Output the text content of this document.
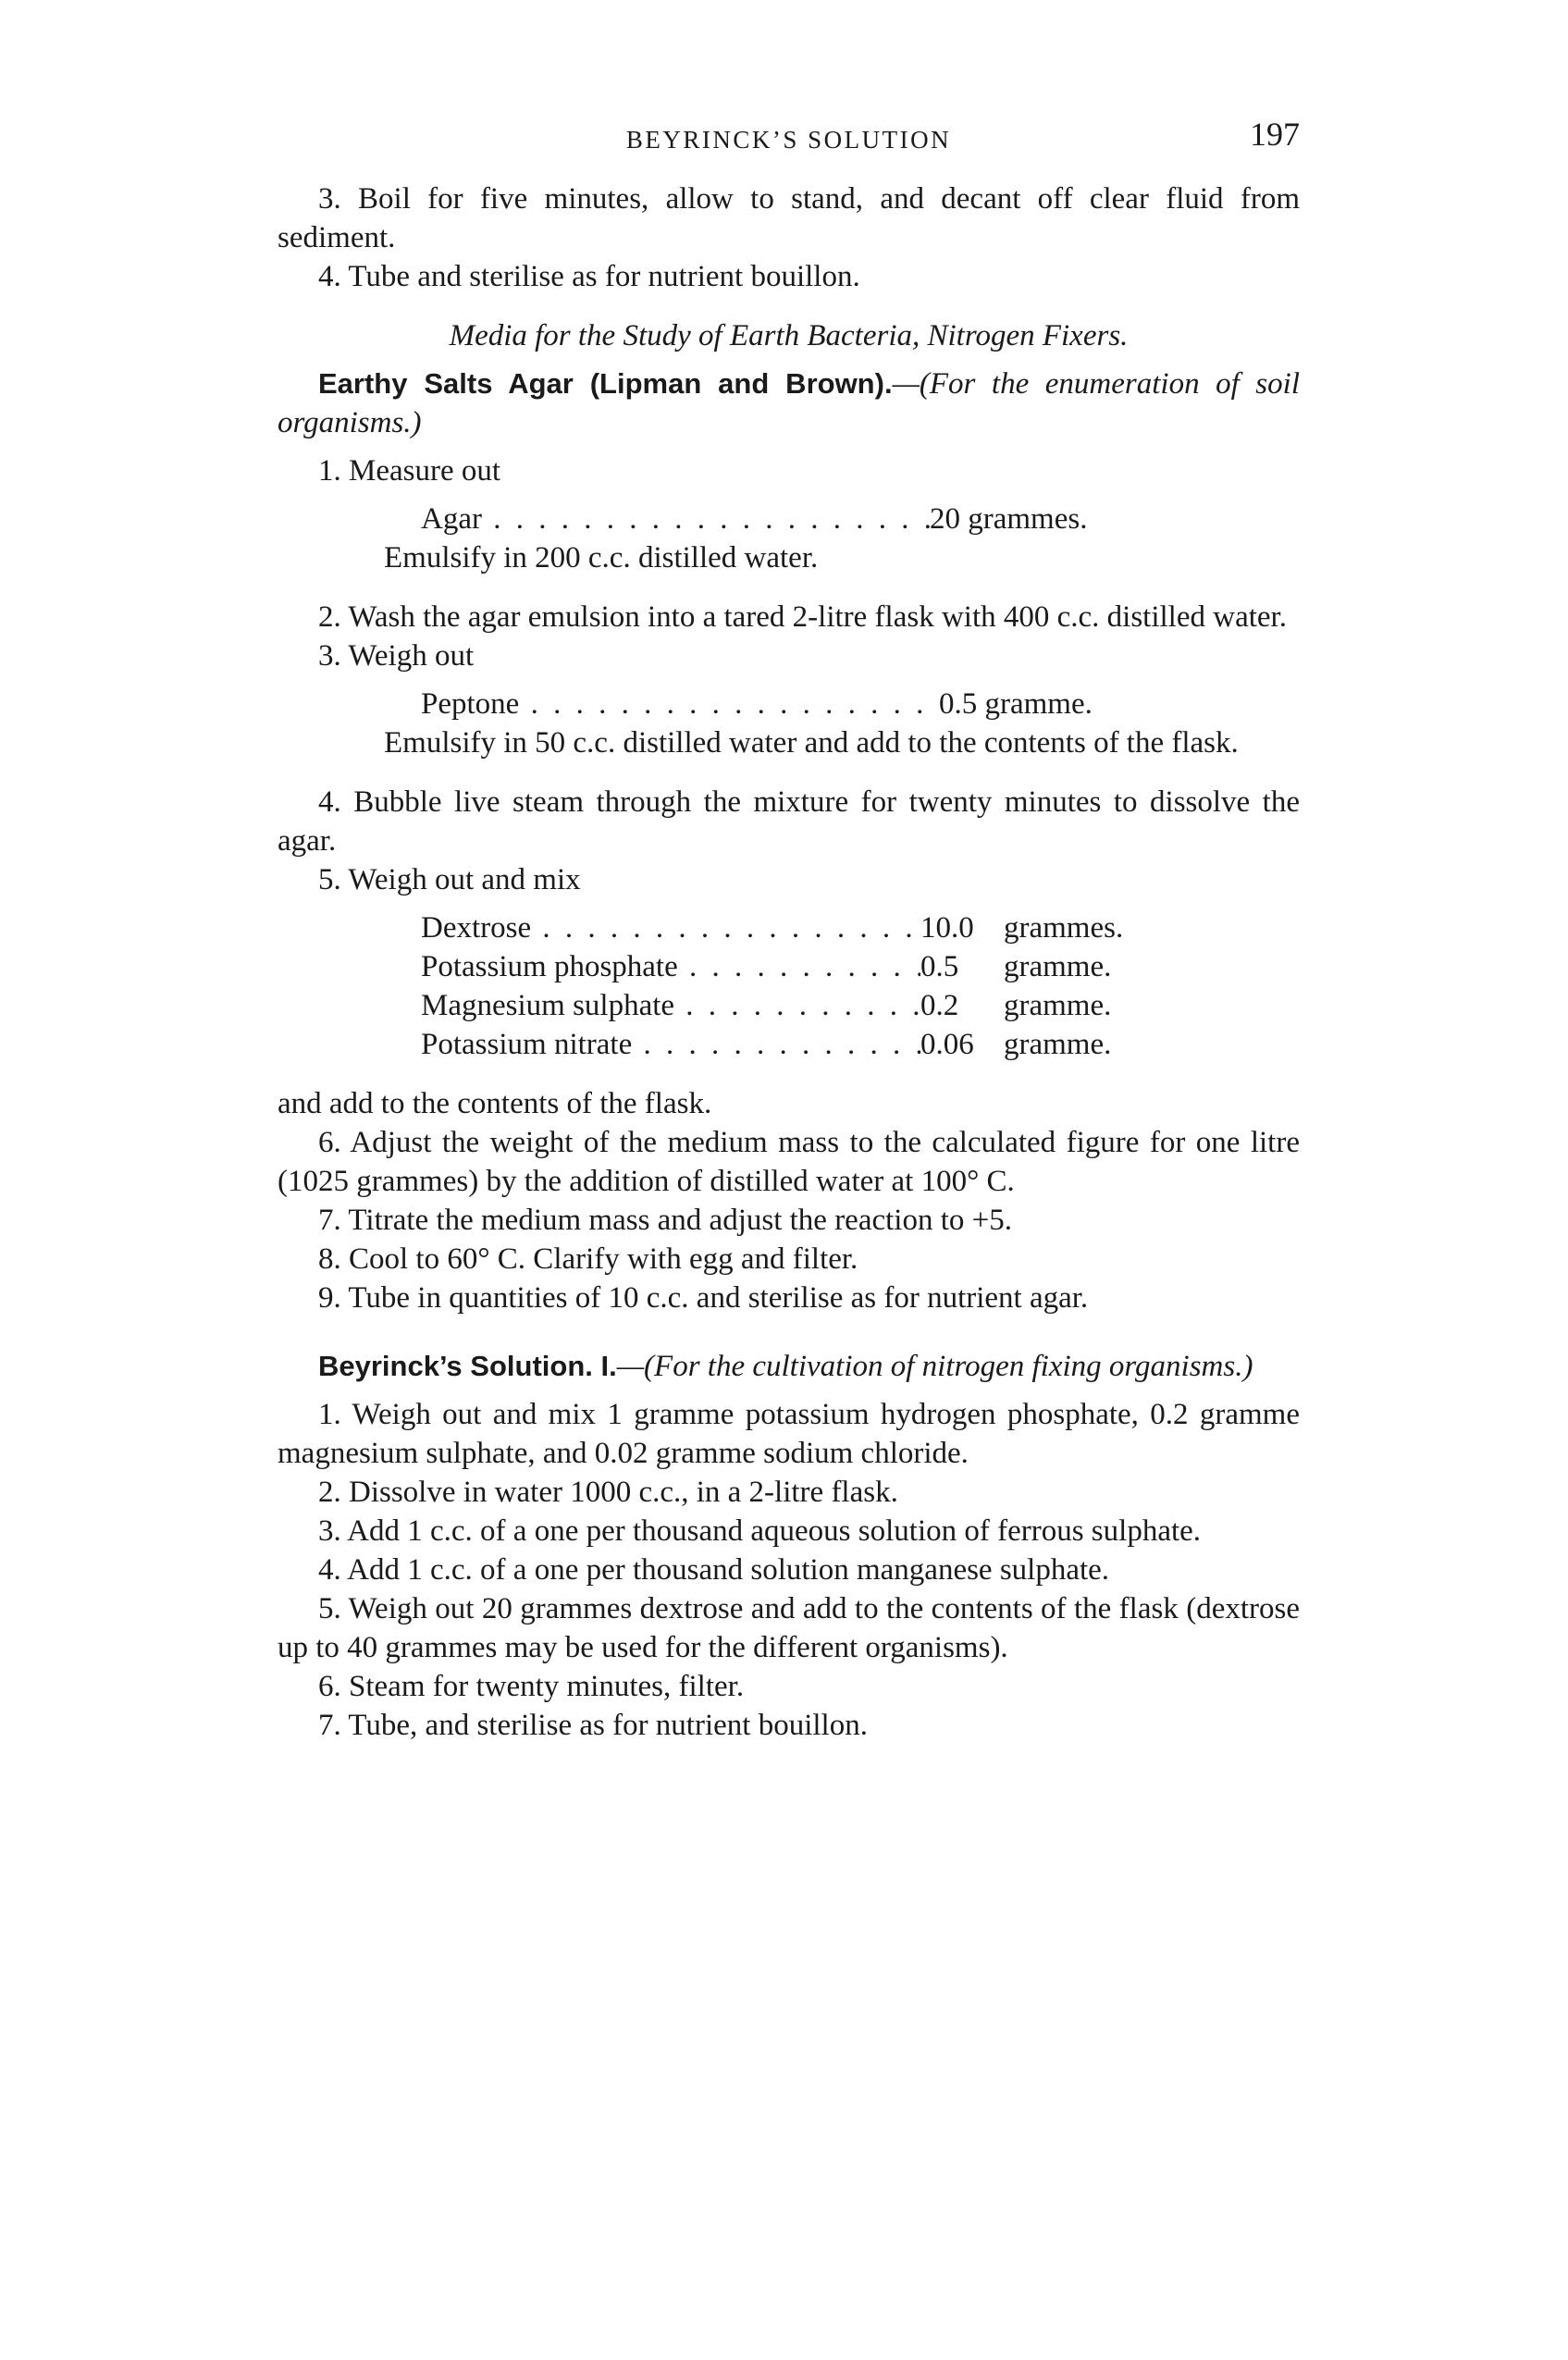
BEYRINCK’S SOLUTION	197

3. Boil for five minutes, allow to stand, and decant off clear fluid from sediment.

4. Tube and sterilise as for nutrient bouillon.

Media for the Study of Earth Bacteria, Nitrogen Fixers.

Earthy Salts Agar (Lipman and Brown).—(For the enumeration of soil organisms.)

1. Measure out

Agar . . .	20 grammes.

Emulsify in 200 c.c. distilled water.

2. Wash the agar emulsion into a tared 2-litre flask with 400 c.c. distilled water.

3. Weigh out

Peptone . . .	0.5 gramme.

Emulsify in 50 c.c. distilled water and add to the contents of the flask.

4. Bubble live steam through the mixture for twenty minutes to dissolve the agar.

5. Weigh out and mix

Dextrose . . .	10.0 grammes.
Potassium phosphate . . .	0.5	gramme.
Magnesium sulphate . . .	0.2	gramme.
Potassium nitrate . . .	0.06 gramme.

and add to the contents of the flask.

6. Adjust the weight of the medium mass to the calculated figure for one litre (1025 grammes) by the addition of distilled water at 100° C.

7. Titrate the medium mass and adjust the reaction to +5.

8. Cool to 60° C. Clarify with egg and filter.

9. Tube in quantities of 10 c.c. and sterilise as for nutrient agar.

Beyrinck’s Solution. I.—(For the cultivation of nitrogen fixing organisms.)

1. Weigh out and mix 1 gramme potassium hydrogen phosphate, 0.2 gramme magnesium sulphate, and 0.02 gramme sodium chloride.

2. Dissolve in water 1000 c.c., in a 2-litre flask.

3. Add 1 c.c. of a one per thousand aqueous solution of ferrous sulphate.

4. Add 1 c.c. of a one per thousand solution manganese sulphate.

5. Weigh out 20 grammes dextrose and add to the contents of the flask (dextrose up to 40 grammes may be used for the different organisms).

6. Steam for twenty minutes, filter.

7. Tube, and sterilise as for nutrient bouillon.
